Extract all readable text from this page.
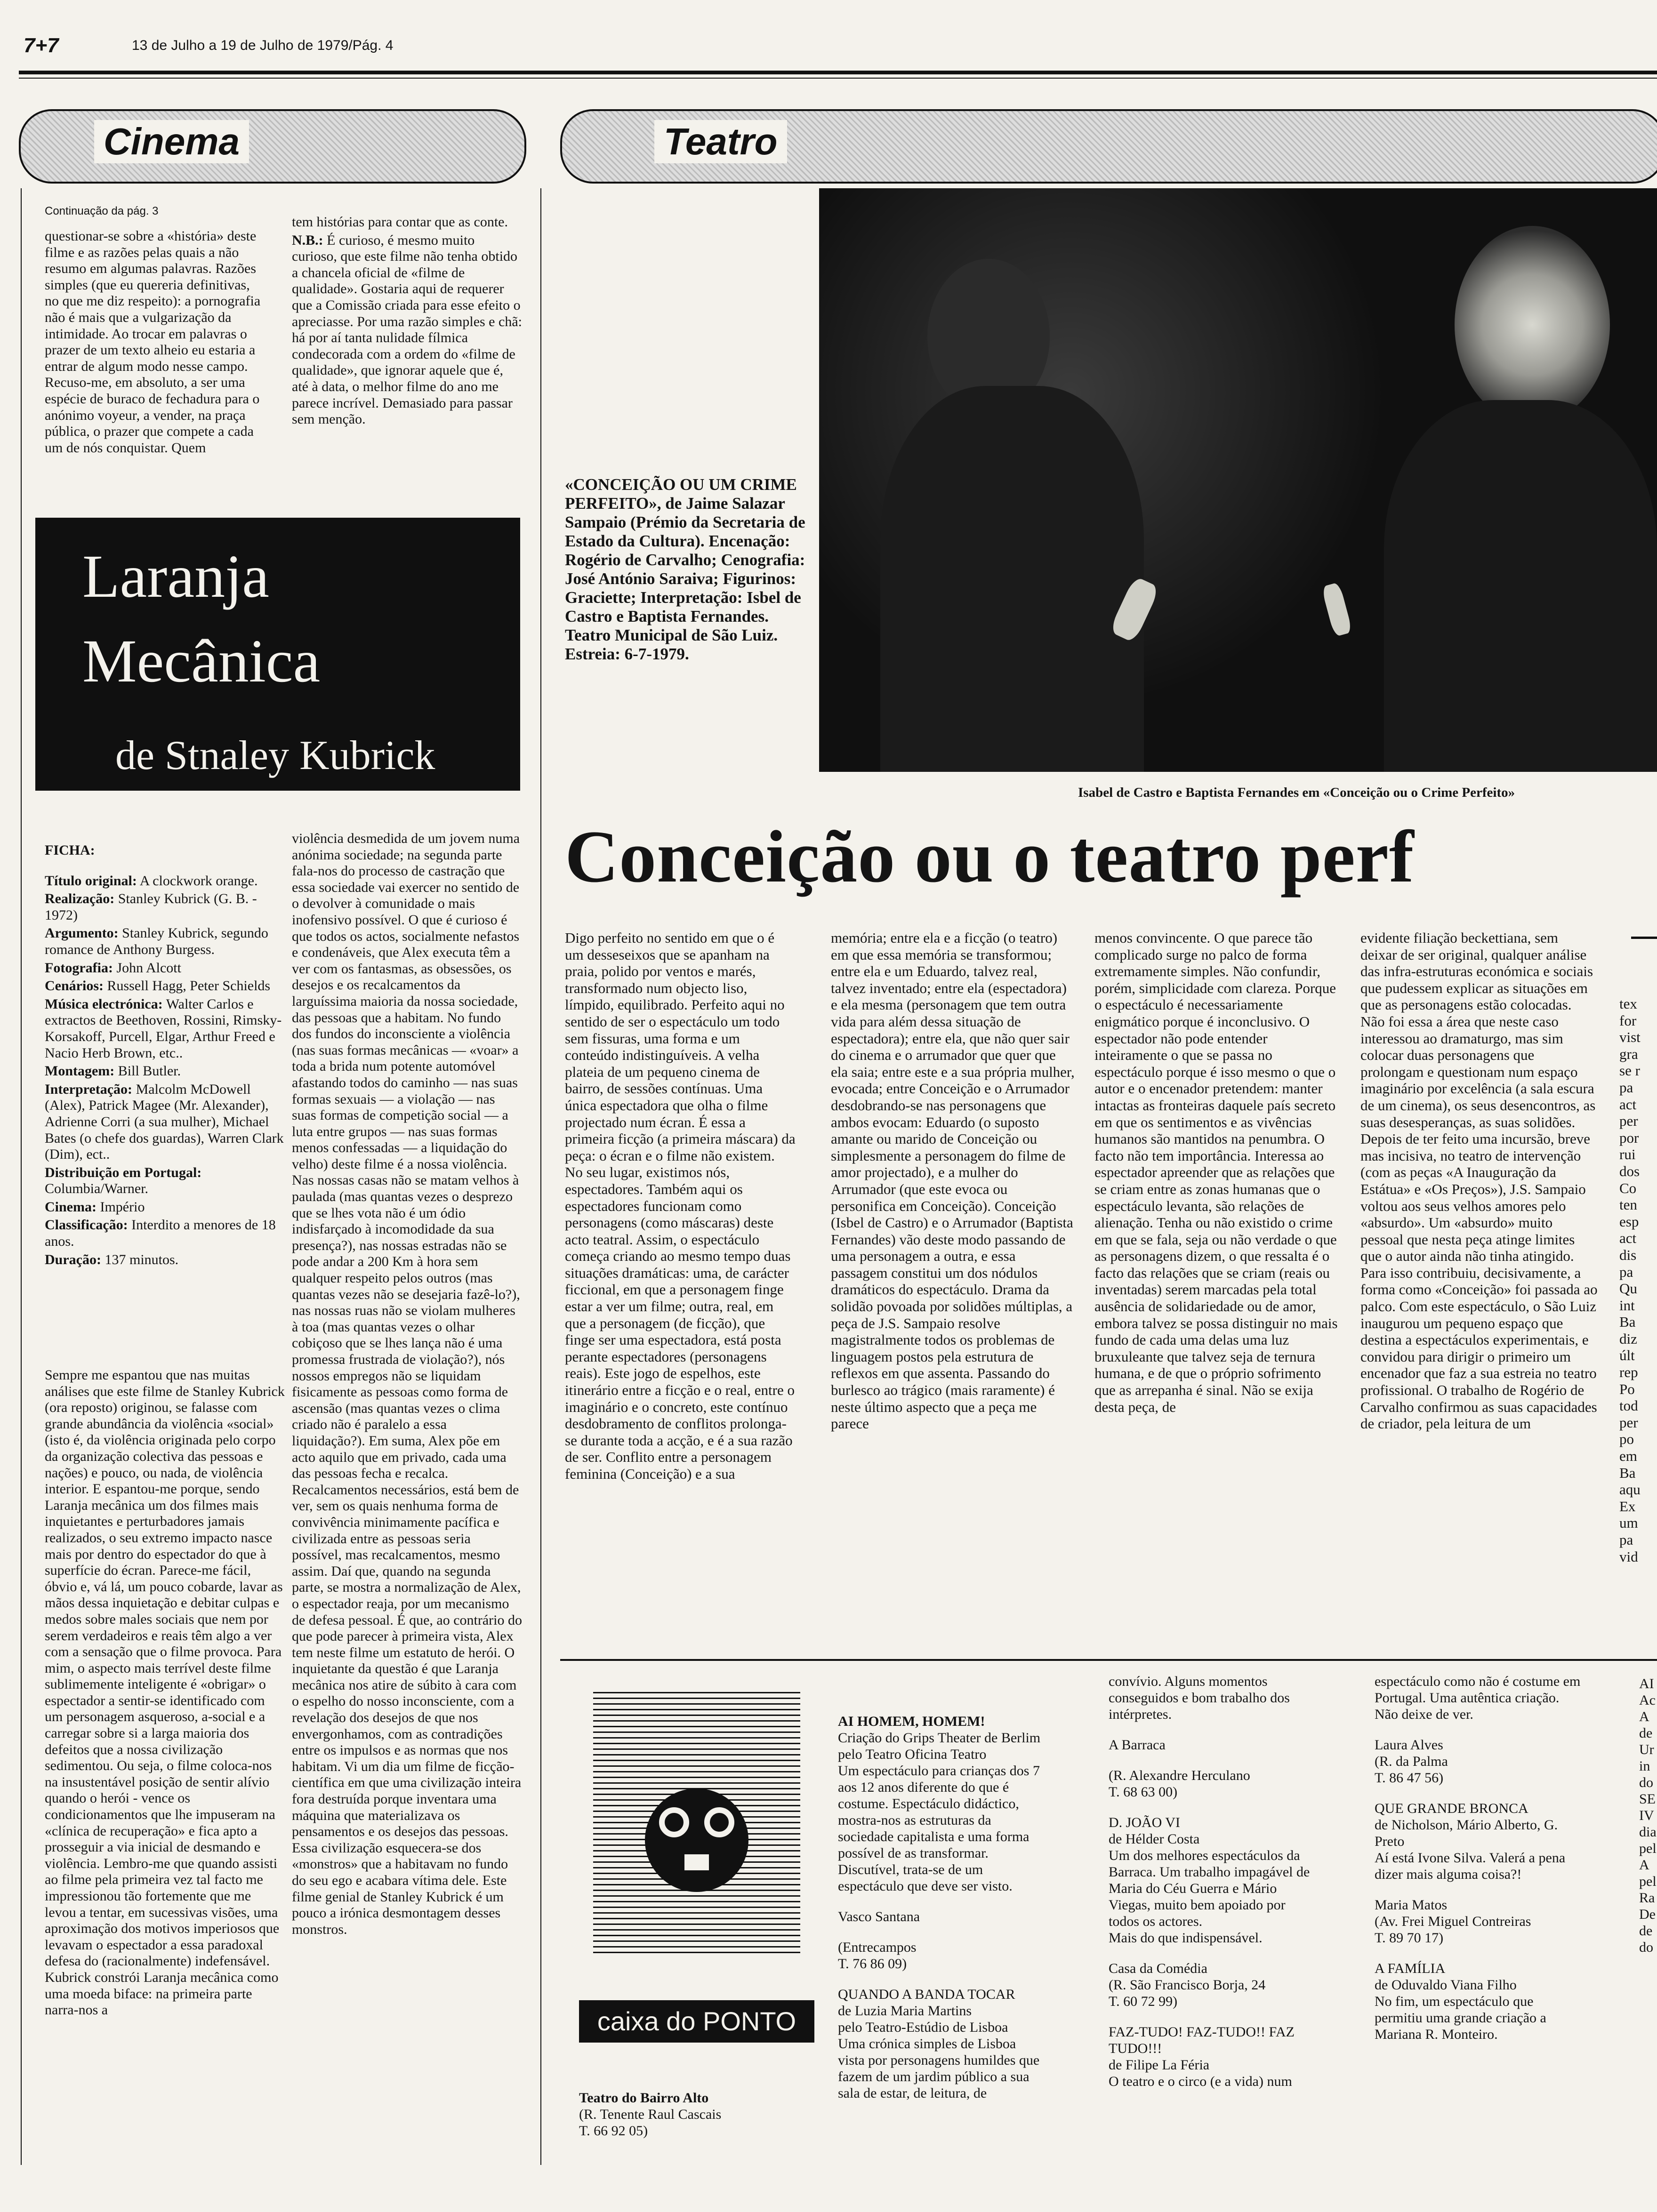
7+7	13 de Julho a 19 de Julho de 1979/Pág. 4
Cinema	Teatro
Continuação da pág. 3

questionar-se sobre a «história» deste filme e as razões pelas quais a não resumo em algumas palavras. Razões simples (que eu quereria definitivas, no que me diz respeito): a pornografia não é mais que a vulgarização da intimidade. Ao trocar em palavras o prazer de um texto alheio eu estaria a entrar de algum modo nesse campo. Recuso-me, em absoluto, a ser uma espécie de buraco de fechadura para o anónimo voyeur, a vender, na praça pública, o prazer que compete a cada um de nós conquistar. Quem

tem histórias para contar que as conte.

N.B.: É curioso, é mesmo muito curioso, que este filme não tenha obtido a chancela oficial de «filme de qualidade». Gostaria aqui de requerer que a Comissão criada para esse efeito o apreciasse. Por uma razão simples e chã: há por aí tanta nulidade fílmica condecorada com a ordem do «filme de qualidade», que ignorar aquele que é, até à data, o melhor filme do ano me parece incrível. Demasiado para passar sem menção.

Laranja
Mecânica
de Stnaley Kubrick

FICHA:

Título original: A clockwork orange.

Realização: Stanley Kubrick (G. B. - 1972)

Argumento: Stanley Kubrick, segundo romance de Anthony Burgess.

Fotografia: John Alcott

Cenários: Russell Hagg, Peter Schields

Música electrónica: Walter Carlos e extractos de Beethoven, Rossini, Rimsky-Korsakoff, Purcell, Elgar, Arthur Freed e Nacio Herb Brown, etc..

Montagem: Bill Butler.

Interpretação: Malcolm McDowell (Alex), Patrick Magee (Mr. Alexander), Adrienne Corri (a sua mulher), Michael Bates (o chefe dos guardas), Warren Clark (Dim), ect..

Distribuição em Portugal: Columbia/Warner.

Cinema: Império

Classificação: Interdito a menores de 18 anos.

Duração: 137 minutos.

Sempre me espantou que nas muitas análises que este filme de Stanley Kubrick (ora reposto) originou, se falasse com grande abundância da violência «social» (isto é, da violência originada pelo corpo da organização colectiva das pessoas e nações) e pouco, ou nada, de violência interior. E espantou-me porque, sendo Laranja mecânica um dos filmes mais inquietantes e perturbadores jamais realizados, o seu extremo impacto nasce mais por dentro do espectador do que à superfície do écran. Parece-me fácil, óbvio e, vá lá, um pouco cobarde, lavar as mãos dessa inquietação e debitar culpas e medos sobre males sociais que nem por serem verdadeiros e reais têm algo a ver com a sensação que o filme provoca. Para mim, o aspecto mais terrível deste filme sublimemente inteligente é «obrigar» o espectador a sentir-se identificado com um personagem asqueroso, a-social e a carregar sobre si a larga maioria dos defeitos que a nossa civilização sedimentou. Ou seja, o filme coloca-nos na insustentável posição de sentir alívio quando o herói - vence os condicionamentos que lhe impuseram na «clínica de recuperação» e fica apto a prosseguir a via inicial de desmando e violência. Lembro-me que quando assisti ao filme pela primeira vez tal facto me impressionou tão fortemente que me levou a tentar, em sucessivas visões, uma aproximação dos motivos imperiosos que levavam o espectador a essa paradoxal defesa do (racionalmente) indefensável. Kubrick constrói Laranja mecânica como uma moeda biface: na primeira parte narra-nos a

violência desmedida de um jovem numa anónima sociedade; na segunda parte fala-nos do processo de castração que essa sociedade vai exercer no sentido de o devolver à comunidade o mais inofensivo possível. O que é curioso é que todos os actos, socialmente nefastos e condenáveis, que Alex executa têm a ver com os fantasmas, as obsessões, os desejos e os recalcamentos da larguíssima maioria da nossa sociedade, das pessoas que a habitam. No fundo dos fundos do inconsciente a violência (nas suas formas mecânicas — «voar» a toda a brida num potente automóvel afastando todos do caminho — nas suas formas sexuais — a violação — nas suas formas de competição social — a luta entre grupos — nas suas formas menos confessadas — a liquidação do velho) deste filme é a nossa violência. Nas nossas casas não se matam velhos à paulada (mas quantas vezes o desprezo que se lhes vota não é um ódio indisfarçado à incomodidade da sua presença?), nas nossas estradas não se pode andar a 200 Km à hora sem qualquer respeito pelos outros (mas quantas vezes não se desejaria fazê-lo?), nas nossas ruas não se violam mulheres à toa (mas quantas vezes o olhar cobiçoso que se lhes lança não é uma promessa frustrada de violação?), nós nossos empregos não se liquidam fisicamente as pessoas como forma de ascensão (mas quantas vezes o clima criado não é paralelo a essa liquidação?). Em suma, Alex põe em acto aquilo que em privado, cada uma das pessoas fecha e recalca. Recalcamentos necessários, está bem de ver, sem os quais nenhuma forma de convivência minimamente pacífica e civilizada entre as pessoas seria possível, mas recalcamentos, mesmo assim. Daí que, quando na segunda parte, se mostra a normalização de Alex, o espectador reaja, por um mecanismo de defesa pessoal. É que, ao contrário do que pode parecer à primeira vista, Alex tem neste filme um estatuto de herói. O inquietante da questão é que Laranja mecânica nos atire de súbito à cara com o espelho do nosso inconsciente, com a revelação dos desejos de que nos envergonhamos, com as contradições entre os impulsos e as normas que nos habitam. Vi um dia um filme de ficção-científica em que uma civilização inteira fora destruída porque inventara uma máquina que materializava os pensamentos e os desejos das pessoas. Essa civilização esquecera-se dos «monstros» que a habitavam no fundo do seu ego e acabara vítima dele. Este filme genial de Stanley Kubrick é um pouco a irónica desmontagem desses monstros.

Isabel de Castro e Baptista Fernandes em «Conceição ou o Crime Perfeito»

«CONCEIÇÃO OU UM CRIME PERFEITO», de Jaime Salazar Sampaio (Prémio da Secretaria de Estado da Cultura). Encenação: Rogério de Carvalho; Cenografia: José António Saraiva; Figurinos: Graciette; Interpretação: Isbel de Castro e Baptista Fernandes. Teatro Municipal de São Luiz. Estreia: 6-7-1979.

Conceição ou o teatro perf

Digo perfeito no sentido em que o é um desseseixos que se apanham na praia, polido por ventos e marés, transformado num objecto liso, límpido, equilibrado. Perfeito aqui no sentido de ser o espectáculo um todo sem fissuras, uma forma e um conteúdo indistinguíveis. A velha plateia de um pequeno cinema de bairro, de sessões contínuas. Uma única espectadora que olha o filme projectado num écran. É essa a primeira ficção (a primeira máscara) da peça: o écran e o filme não existem. No seu lugar, existimos nós, espectadores. Também aqui os espectadores funcionam como personagens (como máscaras) deste acto teatral. Assim, o espectáculo começa criando ao mesmo tempo duas situações dramáticas: uma, de carácter ficcional, em que a personagem finge estar a ver um filme; outra, real, em que a personagem (de ficção), que finge ser uma espectadora, está posta perante espectadores (personagens reais). Este jogo de espelhos, este itinerário entre a ficção e o real, entre o imaginário e o concreto, este contínuo desdobramento de conflitos prolonga-se durante toda a acção, e é a sua razão de ser. Conflito entre a personagem feminina (Conceição) e a sua

memória; entre ela e a ficção (o teatro) em que essa memória se transformou; entre ela e um Eduardo, talvez real, talvez inventado; entre ela (espectadora) e ela mesma (personagem que tem outra vida para além dessa situação de espectadora); entre ela, que não quer sair do cinema e o arrumador que quer que ela saia; entre este e a sua própria mulher, evocada; entre Conceição e o Arrumador desdobrando-se nas personagens que ambos evocam: Eduardo (o suposto amante ou marido de Conceição ou simplesmente a personagem do filme de amor projectado), e a mulher do Arrumador (que este evoca ou personifica em Conceição). Conceição (Isbel de Castro) e o Arrumador (Baptista Fernandes) vão deste modo passando de uma personagem a outra, e essa passagem constitui um dos nódulos dramáticos do espectáculo. Drama da solidão povoada por solidões múltiplas, a peça de J.S. Sampaio resolve magistralmente todos os problemas de linguagem postos pela estrutura de reflexos em que assenta. Passando do burlesco ao trágico (mais raramente) é neste último aspecto que a peça me parece

menos convincente. O que parece tão complicado surge no palco de forma extremamente simples. Não confundir, porém, simplicidade com clareza. Porque o espectáculo é necessariamente enigmático porque é inconclusivo. O espectador não pode entender inteiramente o que se passa no espectáculo porque é isso mesmo o que o autor e o encenador pretendem: manter intactas as fronteiras daquele país secreto em que os sentimentos e as vivências humanos são mantidos na penumbra. O facto não tem importância. Interessa ao espectador apreender que as relações que se criam entre as zonas humanas que o espectáculo levanta, são relações de alienação. Tenha ou não existido o crime em que se fala, seja ou não verdade o que as personagens dizem, o que ressalta é o facto das relações que se criam (reais ou inventadas) serem marcadas pela total ausência de solidariedade ou de amor, embora talvez se possa distinguir no mais fundo de cada uma delas uma luz bruxuleante que talvez seja de ternura humana, e de que o próprio sofrimento que as arrepanha é sinal. Não se exija desta peça, de

evidente filiação beckettiana, sem deixar de ser original, qualquer análise das infra-estruturas económica e sociais que pudessem explicar as situações em que as personagens estão colocadas. Não foi essa a área que neste caso interessou ao dramaturgo, mas sim colocar duas personagens que prolongam e questionam num espaço imaginário por excelência (a sala escura de um cinema), os seus desencontros, as suas desesperanças, as suas solidões. Depois de ter feito uma incursão, breve mas incisiva, no teatro de intervenção (com as peças «A Inauguração da Estátua» e «Os Preços»), J.S. Sampaio voltou aos seus velhos amores pelo «absurdo». Um «absurdo» muito pessoal que nesta peça atinge limites que o autor ainda não tinha atingido. Para isso contribuiu, decisivamente, a forma como «Conceição» foi passada ao palco. Com este espectáculo, o São Luiz inaugurou um pequeno espaço que destina a espectáculos experimentais, e convidou para dirigir o primeiro um encenador que faz a sua estreia no teatro profissional. O trabalho de Rogério de Carvalho confirmou as suas capacidades de criador, pela leitura de um

tex
for
vist
gra
se r
pa
act
per
por
rui
dos
Co
ten
esp
act
dis
pa
Qu
int
Ba
diz
últ
rep
Po
tod
per
po
em
Ba
aqu
Ex
um
pa
vid
caixa do PONTO
Teatro do Bairro Alto
(R. Tenente Raul Cascais
T. 66 92 05)
AI HOMEM, HOMEM!
Criação do Grips Theater de Berlim
pelo Teatro Oficina Teatro
Um espectáculo para crianças dos 7
aos 12 anos diferente do que é
costume. Espectáculo didáctico,
mostra-nos as estruturas da
sociedade capitalista e uma forma
possível de as transformar.
Discutível, trata-se de um
espectáculo que deve ser visto.
Vasco Santana
(Entrecampos
T. 76 86 09)
QUANDO A BANDA TOCAR
de Luzia Maria Martins
pelo Teatro-Estúdio de Lisboa
Uma crónica simples de Lisboa
vista por personagens humildes que
fazem de um jardim público a sua
sala de estar, de leitura, de
convívio. Alguns momentos
conseguidos e bom trabalho dos
intérpretes.
A Barraca
(R. Alexandre Herculano
T. 68 63 00)
D. JOÃO VI
de Hélder Costa
Um dos melhores espectáculos da
Barraca. Um trabalho impagável de
Maria do Céu Guerra e Mário
Viegas, muito bem apoiado por
todos os actores.
Mais do que indispensável.
Casa da Comédia
(R. São Francisco Borja, 24
T. 60 72 99)
FAZ-TUDO! FAZ-TUDO!! FAZ
TUDO!!!
de Filipe La Féria
O teatro e o circo (e a vida) num
espectáculo como não é costume em
Portugal. Uma autêntica criação.
Não deixe de ver.
Laura Alves
(R. da Palma
T. 86 47 56)
QUE GRANDE BRONCA
de Nicholson, Mário Alberto, G.
Preto
Aí está Ivone Silva. Valerá a pena
dizer mais alguma coisa?!
Maria Matos
(Av. Frei Miguel Contreiras
T. 89 70 17)
A FAMÍLIA
de Oduvaldo Viana Filho
No fim, um espectáculo que
permitiu uma grande criação a
Mariana R. Monteiro.
AI
Ac
A
de
Ur
in
do
SE
IV
dia
pel
A
pel
Ra
De
de
do
